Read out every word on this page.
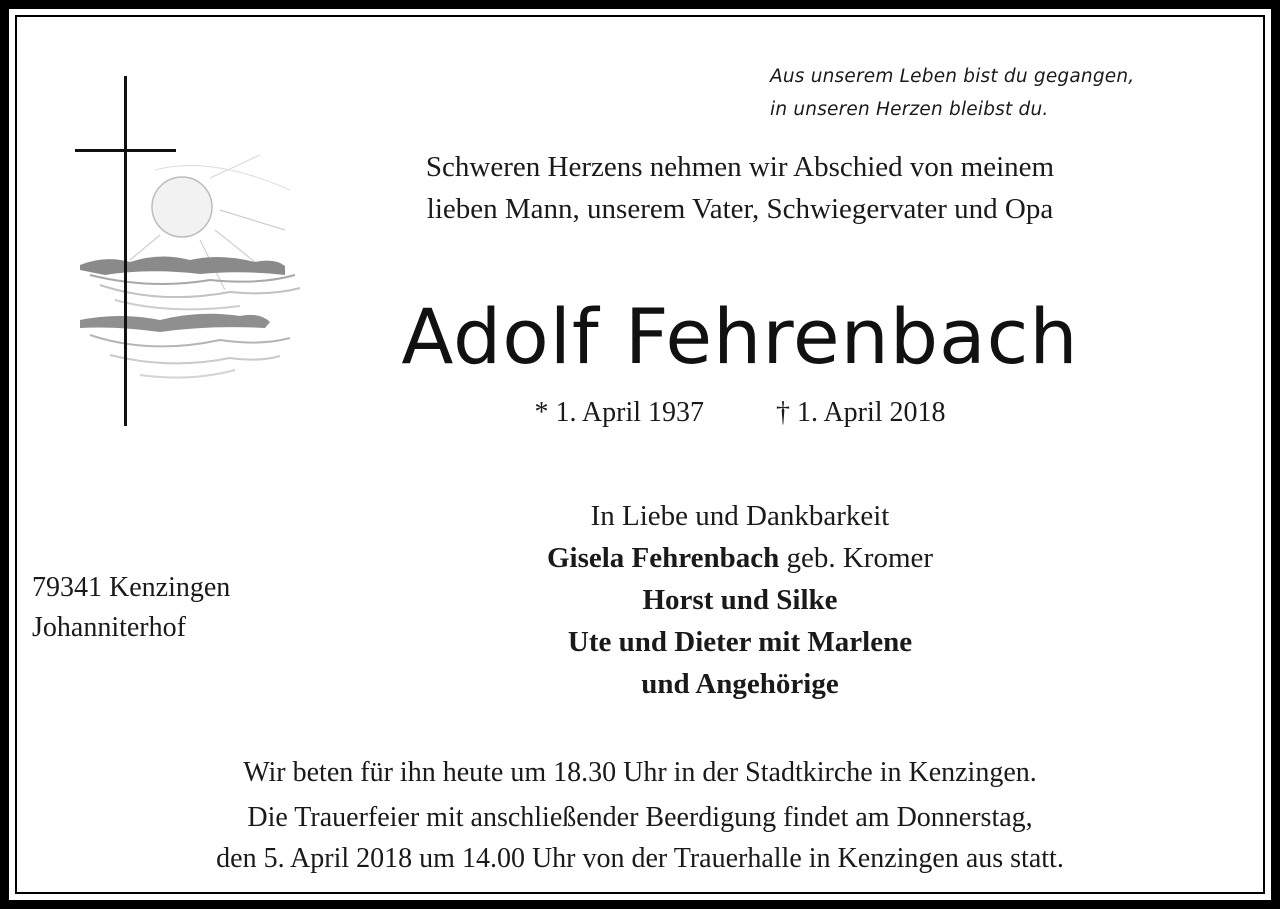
Aus unserem Leben bist du gegangen,
in unseren Herzen bleibst du.
Schweren Herzens nehmen wir Abschied von meinem
lieben Mann, unserem Vater, Schwiegervater und Opa
Adolf Fehrenbach
* 1. April 1937	† 1. April 2018
79341 Kenzingen
Johanniterhof
In Liebe und Dankbarkeit
Gisela Fehrenbach geb. Kromer
Horst und Silke
Ute und Dieter mit Marlene
und Angehörige
Wir beten für ihn heute um 18.30 Uhr in der Stadtkirche in Kenzingen.
Die Trauerfeier mit anschließender Beerdigung findet am Donnerstag,
den 5. April 2018 um 14.00 Uhr von der Trauerhalle in Kenzingen aus statt.
